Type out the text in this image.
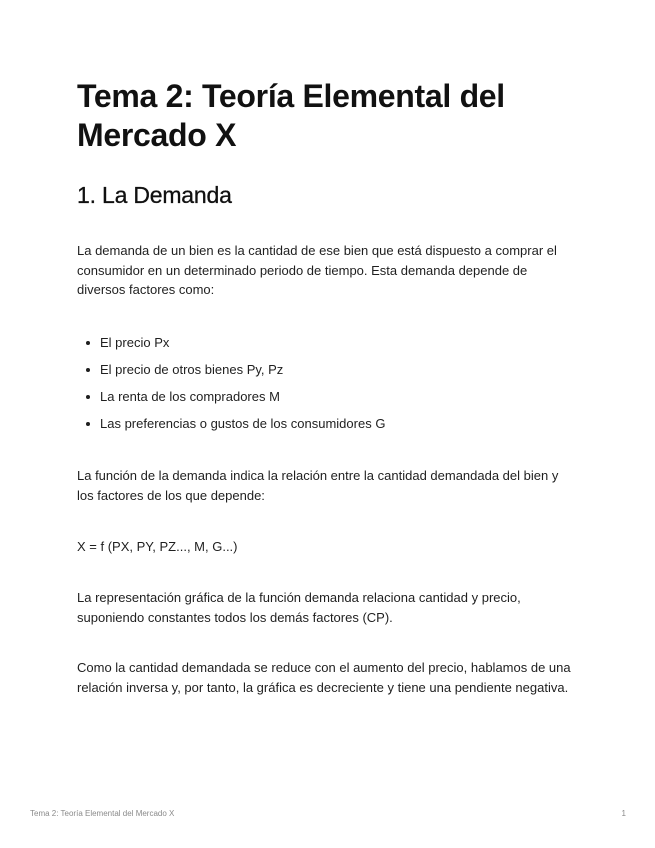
Tema 2: Teoría Elemental del Mercado X
1. La Demanda

La demanda de un bien es la cantidad de ese bien que está dispuesto a comprar el consumidor en un determinado periodo de tiempo. Esta demanda depende de diversos factores como:

El precio Px
El precio de otros bienes Py, Pz
La renta de los compradores M
Las preferencias o gustos de los consumidores G

La función de la demanda indica la relación entre la cantidad demandada del bien y los factores de los que depende:

X = f (PX, PY, PZ..., M, G...)

La representación gráfica de la función demanda relaciona cantidad y precio, suponiendo constantes todos los demás factores (CP).

Como la cantidad demandada se reduce con el aumento del precio, hablamos de una relación inversa y, por tanto, la gráfica es decreciente y tiene una pendiente negativa.

Tema 2: Teoría Elemental del Mercado X	1
